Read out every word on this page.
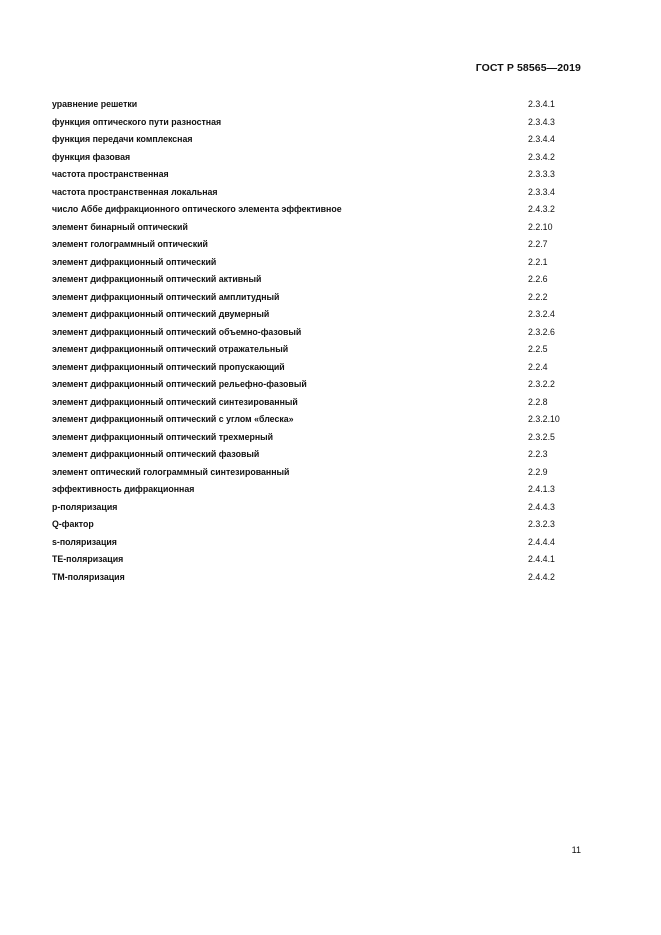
ГОСТ Р 58565—2019
уравнение решетки	2.3.4.1
функция оптического пути разностная	2.3.4.3
функция передачи комплексная	2.3.4.4
функция фазовая	2.3.4.2
частота пространственная	2.3.3.3
частота пространственная локальная	2.3.3.4
число Аббе дифракционного оптического элемента эффективное	2.4.3.2
элемент бинарный оптический	2.2.10
элемент голограммный оптический	2.2.7
элемент дифракционный оптический	2.2.1
элемент дифракционный оптический активный	2.2.6
элемент дифракционный оптический амплитудный	2.2.2
элемент дифракционный оптический двумерный	2.3.2.4
элемент дифракционный оптический объемно-фазовый	2.3.2.6
элемент дифракционный оптический отражательный	2.2.5
элемент дифракционный оптический пропускающий	2.2.4
элемент дифракционный оптический рельефно-фазовый	2.3.2.2
элемент дифракционный оптический синтезированный	2.2.8
элемент дифракционный оптический с углом «блеска»	2.3.2.10
элемент дифракционный оптический трехмерный	2.3.2.5
элемент дифракционный оптический фазовый	2.2.3
элемент оптический голограммный синтезированный	2.2.9
эффективность дифракционная	2.4.1.3
р-поляризация	2.4.4.3
Q-фактор	2.3.2.3
s-поляризация	2.4.4.4
TE-поляризация	2.4.4.1
TM-поляризация	2.4.4.2
11
